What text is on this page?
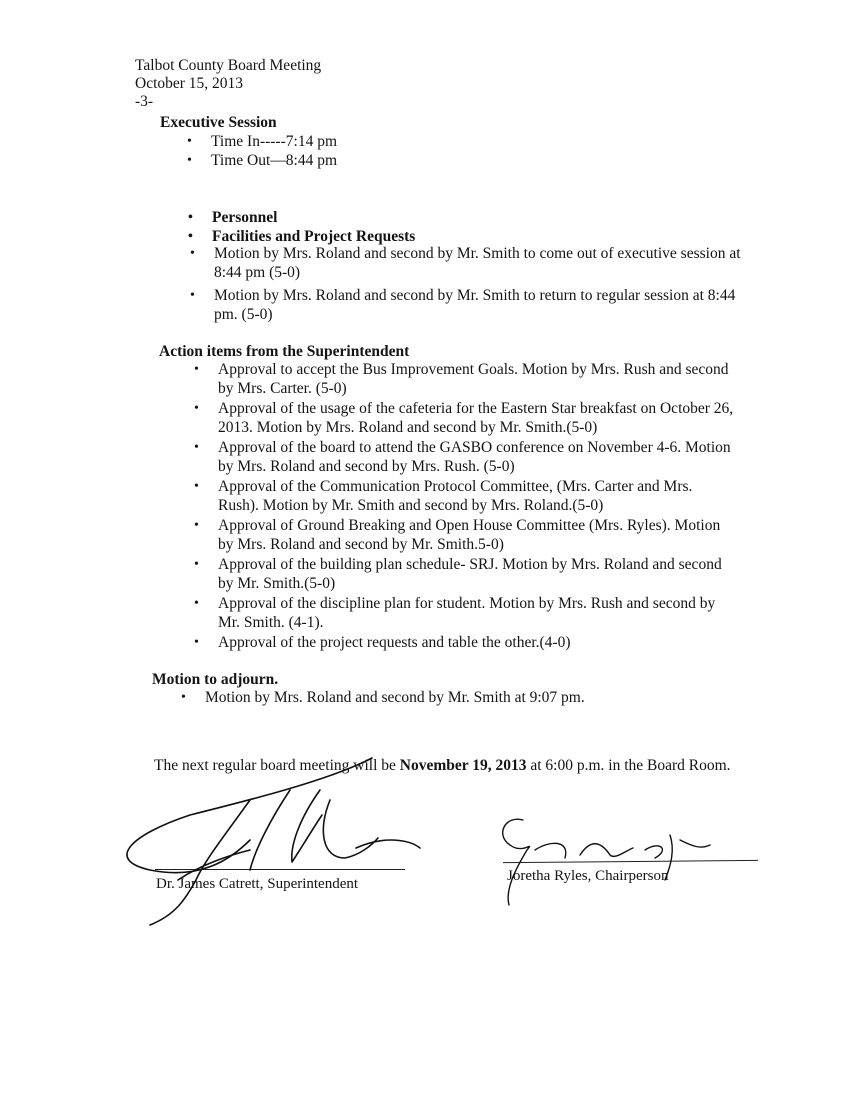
Talbot County Board Meeting
October 15, 2013
-3-
Executive Session
• Time In-----7:14 pm
• Time Out—8:44 pm
• Personnel
• Facilities and Project Requests
• Motion by Mrs. Roland and second by Mr. Smith to come out of executive session at 8:44 pm (5-0)
• Motion by Mrs. Roland and second by Mr. Smith to return to regular session at 8:44 pm. (5-0)
Action items from the Superintendent
• Approval to accept the Bus Improvement Goals. Motion by Mrs. Rush and second by Mrs. Carter. (5-0)
• Approval of the usage of the cafeteria for the Eastern Star breakfast on October 26, 2013. Motion by Mrs. Roland and second by Mr. Smith.(5-0)
• Approval of the board to attend the GASBO conference on November 4-6. Motion by Mrs. Roland and second by Mrs. Rush. (5-0)
• Approval of the Communication Protocol Committee, (Mrs. Carter and Mrs. Rush). Motion by Mr. Smith and second by Mrs. Roland.(5-0)
• Approval of Ground Breaking and Open House Committee (Mrs. Ryles). Motion by Mrs. Roland and second by Mr. Smith.5-0)
• Approval of the building plan schedule- SRJ. Motion by Mrs. Roland and second by Mr. Smith.(5-0)
• Approval of the discipline plan for student. Motion by Mrs. Rush and second by Mr. Smith. (4-1).
• Approval of the project requests and table the other.(4-0)
Motion to adjourn.
• Motion by Mrs. Roland and second by Mr. Smith at 9:07 pm.
The next regular board meeting will be November 19, 2013 at 6:00 p.m. in the Board Room.
Dr. James Catrett, Superintendent	Joretha Ryles, Chairperson
